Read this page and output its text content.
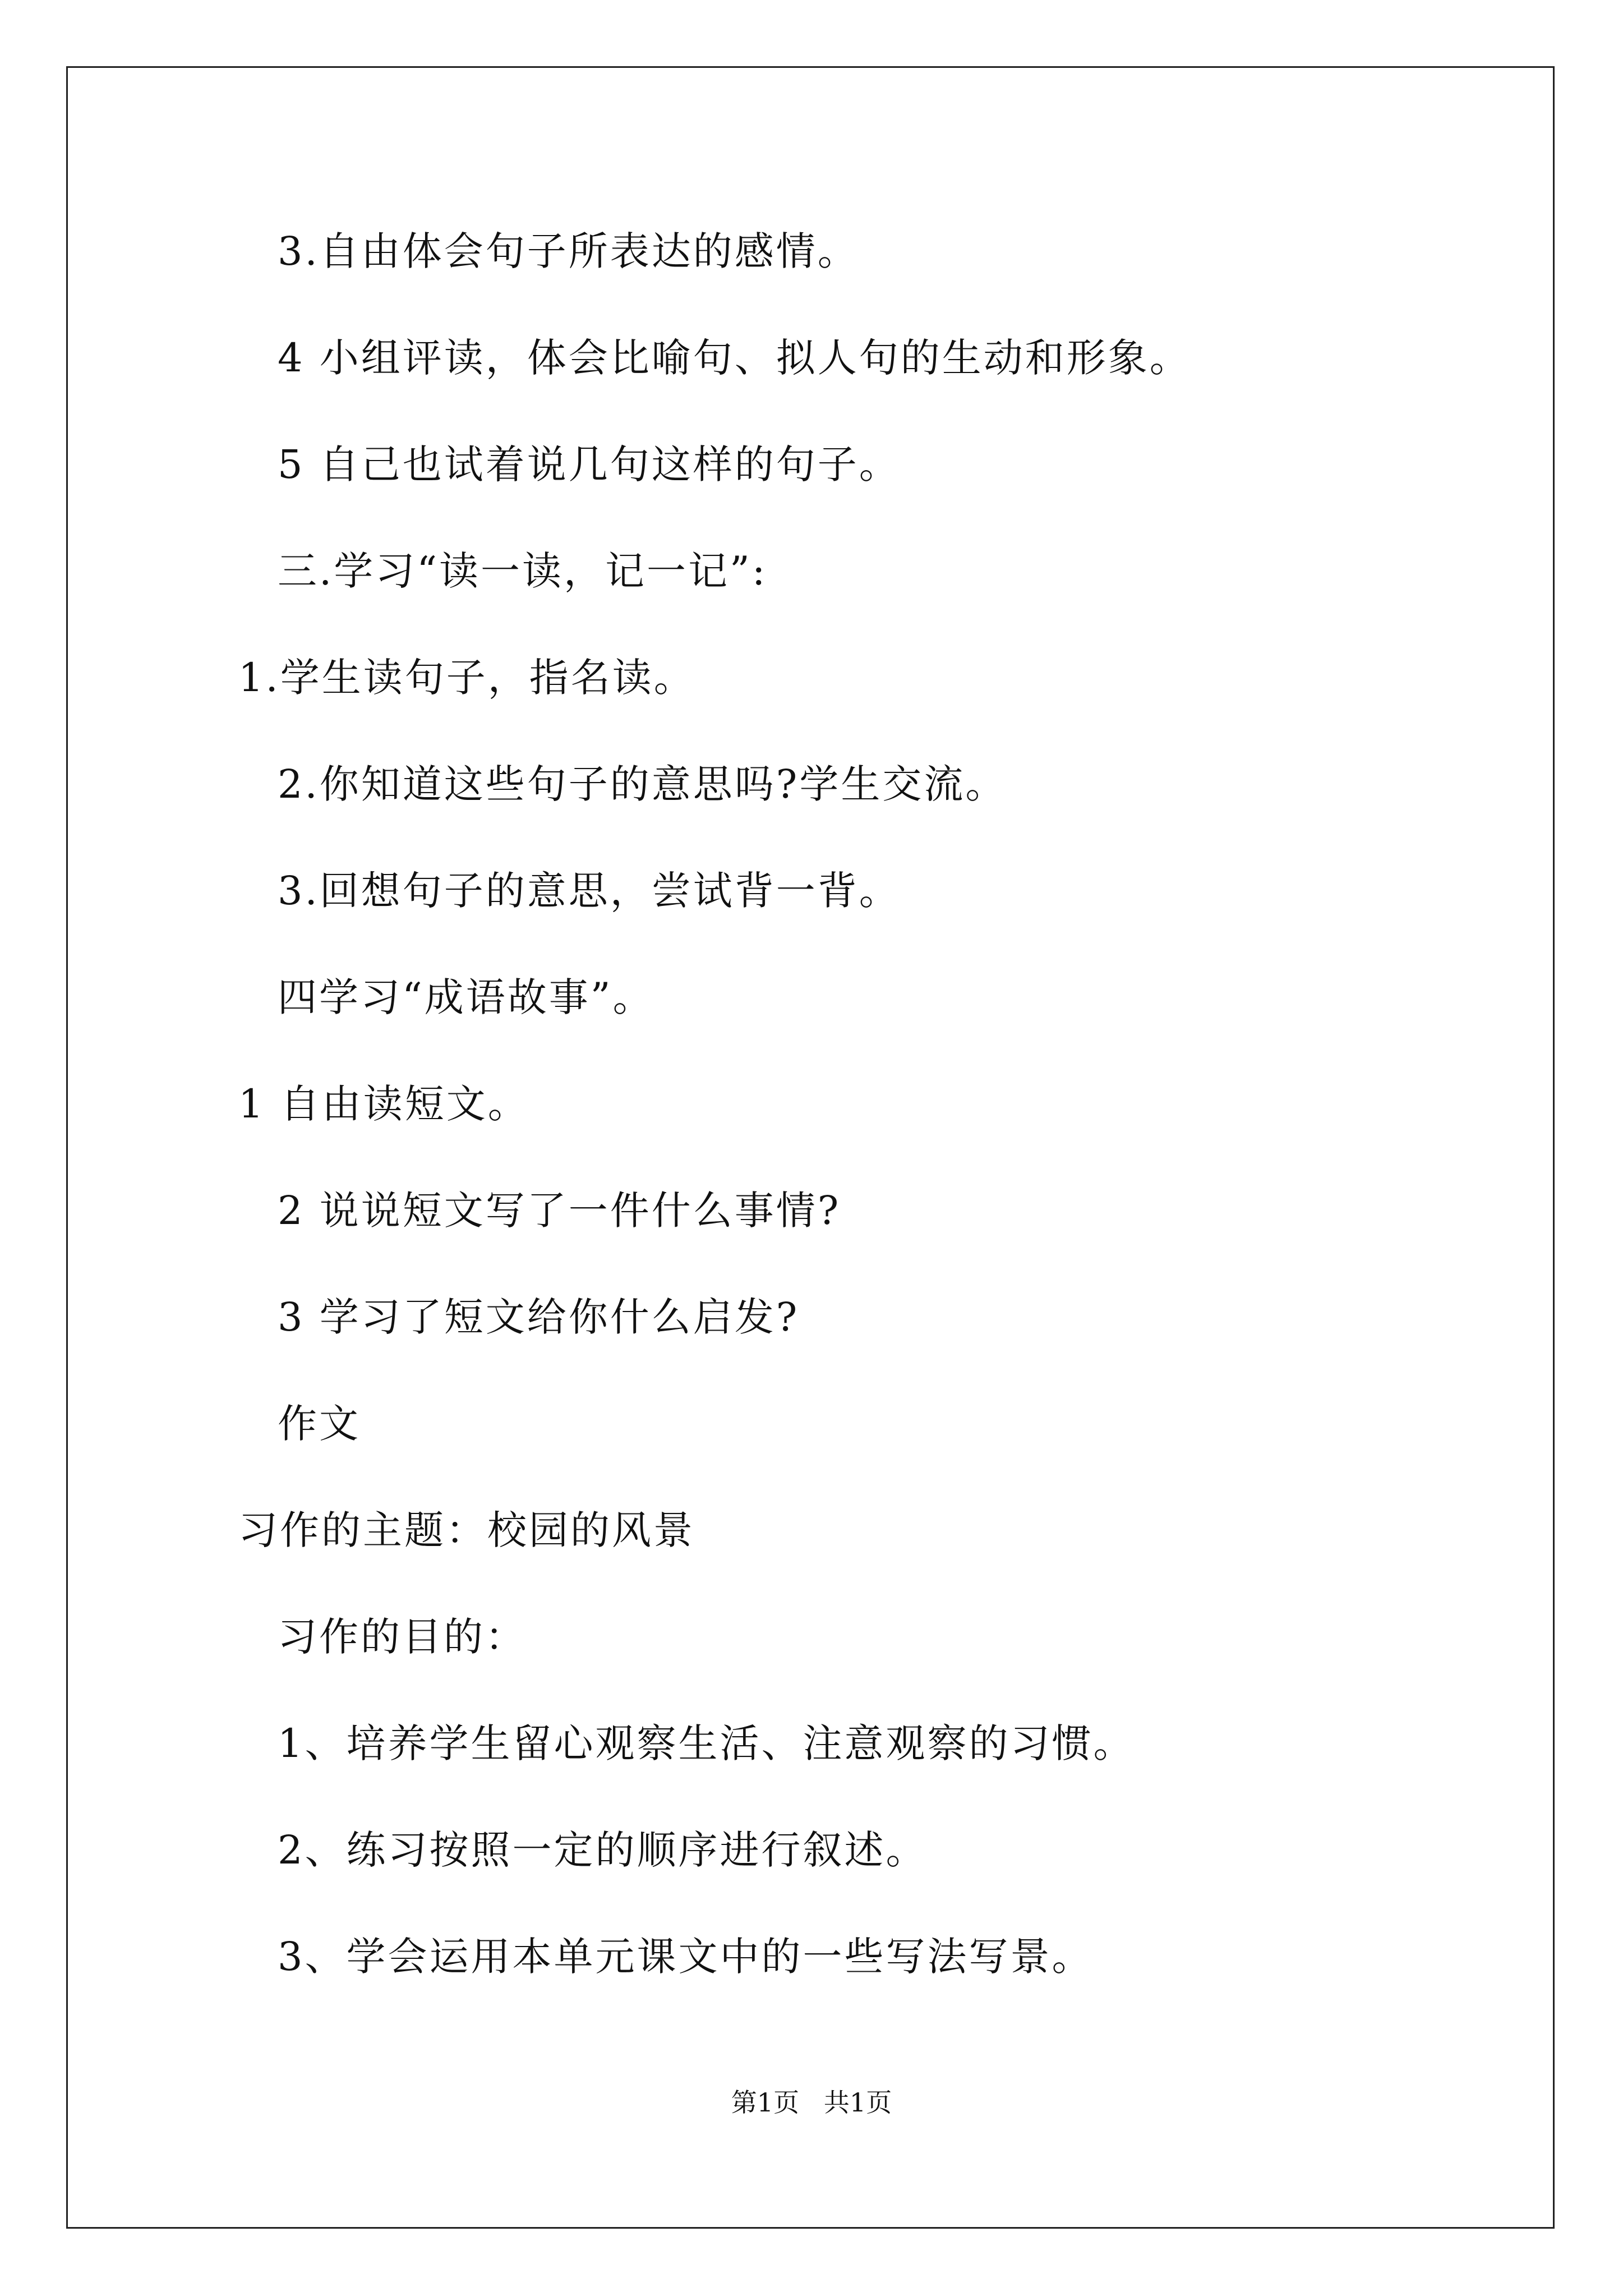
3.自由体会句子所表达的感情。
4 小组评读，体会比喻句、拟人句的生动和形象。
5 自己也试着说几句这样的句子。
三.学习“读一读，记一记”:
1.学生读句子，指名读。
2.你知道这些句子的意思吗?学生交流。
3.回想句子的意思，尝试背一背。
四学习“成语故事”。
1 自由读短文。
2 说说短文写了一件什么事情?
3 学习了短文给你什么启发?
作文
习作的主题：校园的风景
习作的目的：
1、培养学生留心观察生活、注意观察的习惯。
2、练习按照一定的顺序进行叙述。
3、学会运用本单元课文中的一些写法写景。
第1页   共1页
